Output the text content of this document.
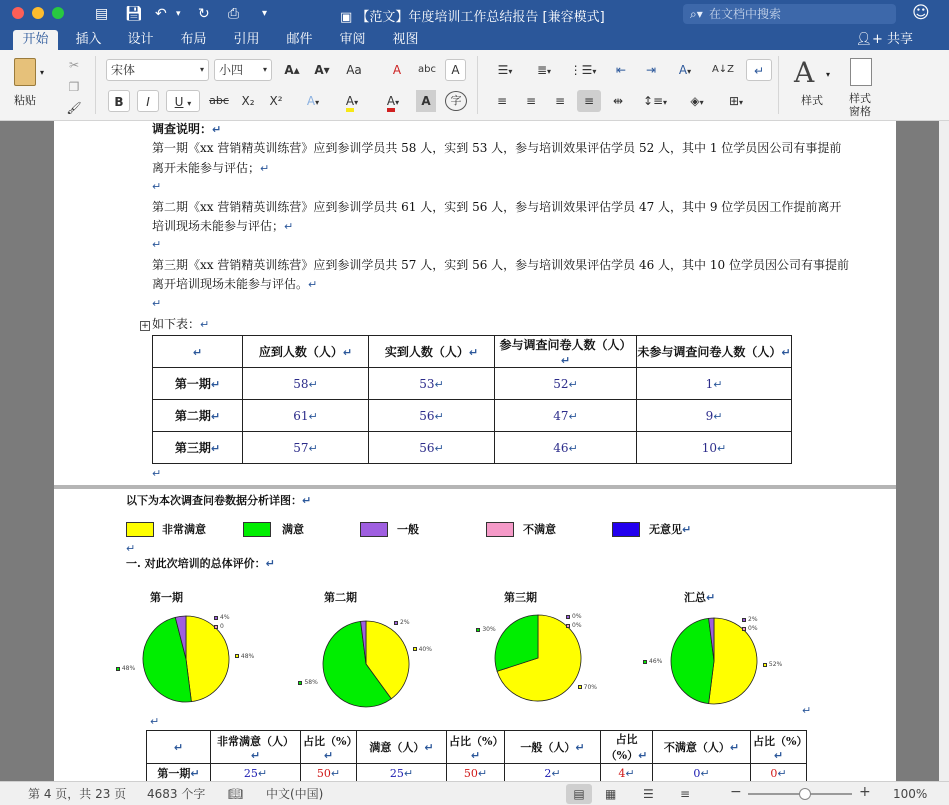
▤ 💾︎ ↶ ▾ ↻ ⎙ ▾	▣ 【范文】年度培训工作总结报告 [兼容模式]	⌕▾ 在文档中搜索	☺
开始	插入	设计	布局	引用	邮件	审阅	视图	👤︎+ 共享
▾
粘贴
✂
❐
🖌︎
宋体	▾	小四 ▾	A▴	A▾	Aa	A	abc	A
B	I	U ▾	abc	X₂	X²	A▾	A▾	A▾	A	字
☰▾	≣▾	⋮☰▾	⇤	⇥	A▾	A↓Z	↵
≡	≡	≡	≡	⇹	↕≡▾	◈▾	⊞▾
A ▾
样式	样式
窗格
调查说明：↵
第一期《xx 营销精英训练营》应到参训学员共 58 人，实到 53 人，参与培训效果评估学员 52 人，其中 1 位学员因公司有事提前
离开未能参与评估；↵
↵
第二期《xx 营销精英训练营》应到参训学员共 61 人，实到 56 人，参与培训效果评估学员 47 人，其中 9 位学员因工作提前离开
培训现场未能参与评估；↵
↵
第三期《xx 营销精英训练营》应到参训学员共 57 人，实到 56 人，参与培训效果评估学员 46 人，其中 10 位学员因公司有事提前
离开培训现场未能参与评估。↵
↵
+ 如下表：↵
↵	应到人数（人）↵	实到人数（人）↵	参与调查问卷人数（人）↵	未参与调查问卷人数（人）↵
第一期↵	58↵	53↵	52↵	1↵
第二期↵	61↵	56↵	47↵	9↵
第三期↵	57↵	56↵	46↵	10↵
↵
以下为本次调查问卷数据分析详图：↵
非常满意	满意	一般	不满意	无意见↵
↵
一. 对此次培训的总体评价：↵
第一期	第二期	第三期	汇总↵
48%
48%
4%
0
40%
58%
2%
70%
30%
0%
0%
52%
46%
2%
0%
↵
↵
↵	非常满意（人）↵	占比（%）↵	满意（人）↵	占比（%）↵	一般（人）↵	占比（%）↵	不满意（人）↵	占比（%）↵
第一期↵	25↵	50↵	25↵	50↵	2↵	4↵	0↵	0↵

第 4 页，共 23 页 4683 个字 📖︎ 中文(中国)	▤	▦ ☰ ≡	−	+ 100%
